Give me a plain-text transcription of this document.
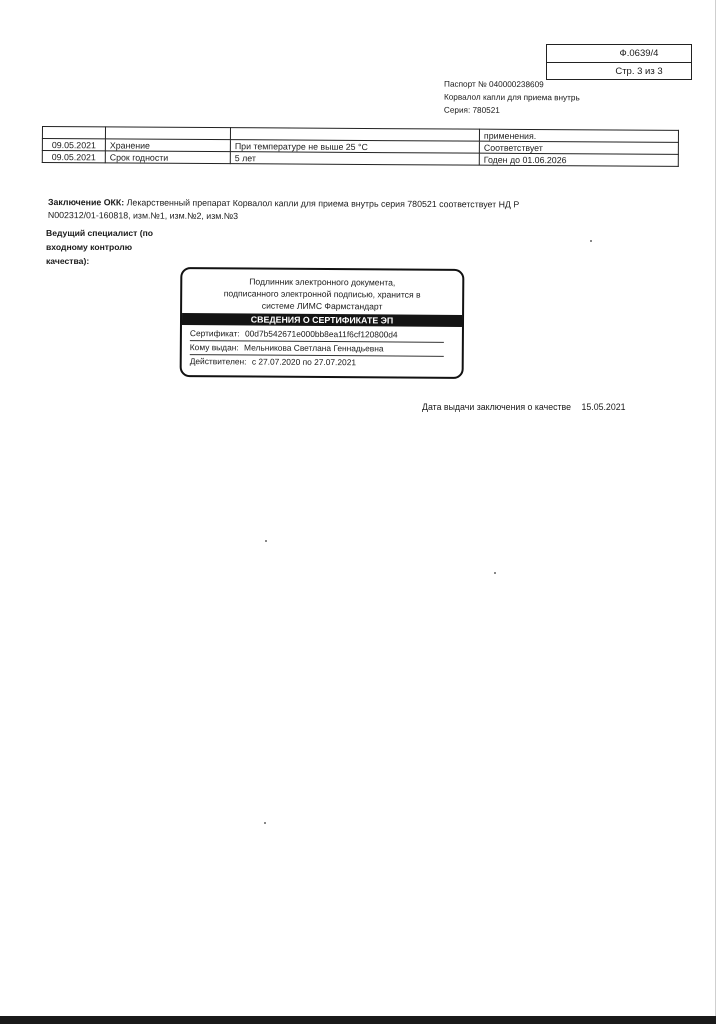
Ф.0639/4
Стр. 3 из 3
Паспорт № 040000238609
Корвалол капли для приема внутрь
Серия: 780521
			применения.
09.05.2021	Хранение	При температуре не выше 25 °С	Соответствует
09.05.2021	Срок годности	5 лет	Годен до 01.06.2026
Заключение ОКК: Лекарственный препарат Корвалол капли для приема внутрь серия 780521 соответствует НД Р N002312/01-160818, изм.№1, изм.№2, изм.№3
Ведущий специалист (по
входному контролю
качества):
Подлинник электронного документа,
подписанного электронной подписью, хранится в
системе ЛИМС Фармстандарт
СВЕДЕНИЯ О СЕРТИФИКАТЕ ЭП
Сертификат: 00d7b542671e000bb8ea11f6cf120800d4
Кому выдан: Мельникова Светлана Геннадьевна
Действителен: с 27.07.2020 по 27.07.2021
Дата выдачи заключения о качестве 15.05.2021
